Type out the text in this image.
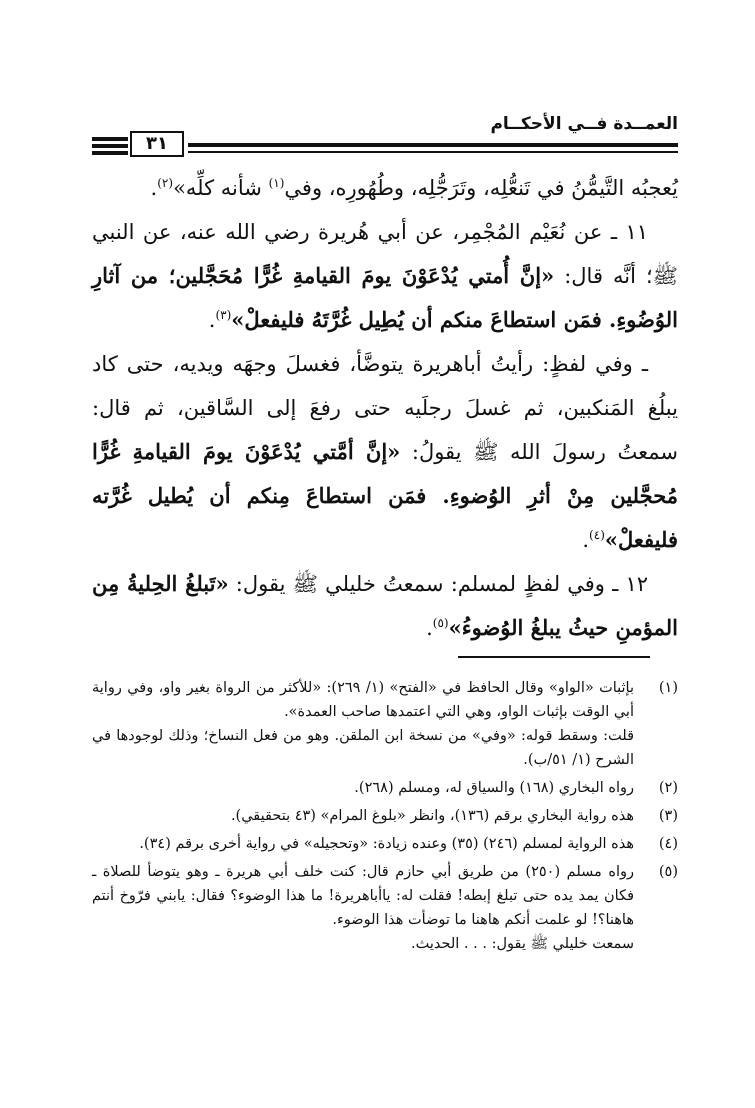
العمــدة فــي الأحكــام
٣١

يُعجبُه التَّيمُّنُ في تَنعُّلِه، وتَرَجُّلِه، وطُهُورِه، وفي$^{(١)}$ شأنه كلِّه»$^{(٢)}$.

١١ ـ عن نُعَيْم المُجْمِر، عن أبي هُريرة رضي الله عنه، عن النبي ﷺ؛ أنَّه قال: «إنَّ أُمتي يُدْعَوْنَ يومَ القيامةِ غُرًّا مُحَجَّلين؛ من آثارِ الوُضُوءِ. فمَن استطاعَ منكم أن يُطِيل غُرَّتَهُ فليفعلْ»$^{(٣)}$.

ـ وفي لفظٍ: رأيتُ أباهريرة يتوضَّأ، فغسلَ وجهَه ويديه، حتى كاد يبلُغ المَنكبين، ثم غسلَ رجلَيه حتى رفعَ إلى السَّاقين، ثم قال: سمعتُ رسولَ الله ﷺ يقولُ: «إنَّ أمَّتي يُدْعَوْنَ يومَ القيامةِ غُرًّا مُحجَّلين مِنْ أثرِ الوُضوءِ. فمَن استطاعَ مِنكم أن يُطيل غُرَّته فليفعلْ»$^{(٤)}$.

١٢ ـ وفي لفظٍ لمسلم: سمعتُ خليلي ﷺ يقول: «تَبلغُ الحِليةُ مِن المؤمنِ حيثُ يبلغُ الوُضوءُ»$^{(٥)}$.

(١)
بإثبات «الواو» وقال الحافظ في «الفتح» (١/ ٢٦٩): «للأكثر من الرواة بغير واو، وفي رواية أبي الوقت بإثبات الواو، وهي التي اعتمدها صاحب العمدة».
قلت: وسقط قوله: «وفي» من نسخة ابن الملقن. وهو من فعل النساخ؛ وذلك لوجودها في الشرح (١/ ٥١/ب).
(٢)
رواه البخاري (١٦٨) والسياق له، ومسلم (٢٦٨).
(٣)
هذه رواية البخاري برقم (١٣٦)، وانظر «بلوغ المرام» (٤٣ بتحقيقي).
(٤)
هذه الرواية لمسلم (٢٤٦) (٣٥) وعنده زيادة: «وتحجيله» في رواية أخرى برقم (٣٤).
(٥)
رواه مسلم (٢٥٠) من طريق أبي حازم قال: كنت خلف أبي هريرة ـ وهو يتوضأ للصلاة ـ فكان يمد يده حتى تبلغ إبطه! فقلت له: ياأباهريرة! ما هذا الوضوء؟ فقال: يابني فرّوخ أنتم هاهنا؟! لو علمت أنكم هاهنا ما توضأت هذا الوضوء.
سمعت خليلي ﷺ يقول: . . . الحديث.
